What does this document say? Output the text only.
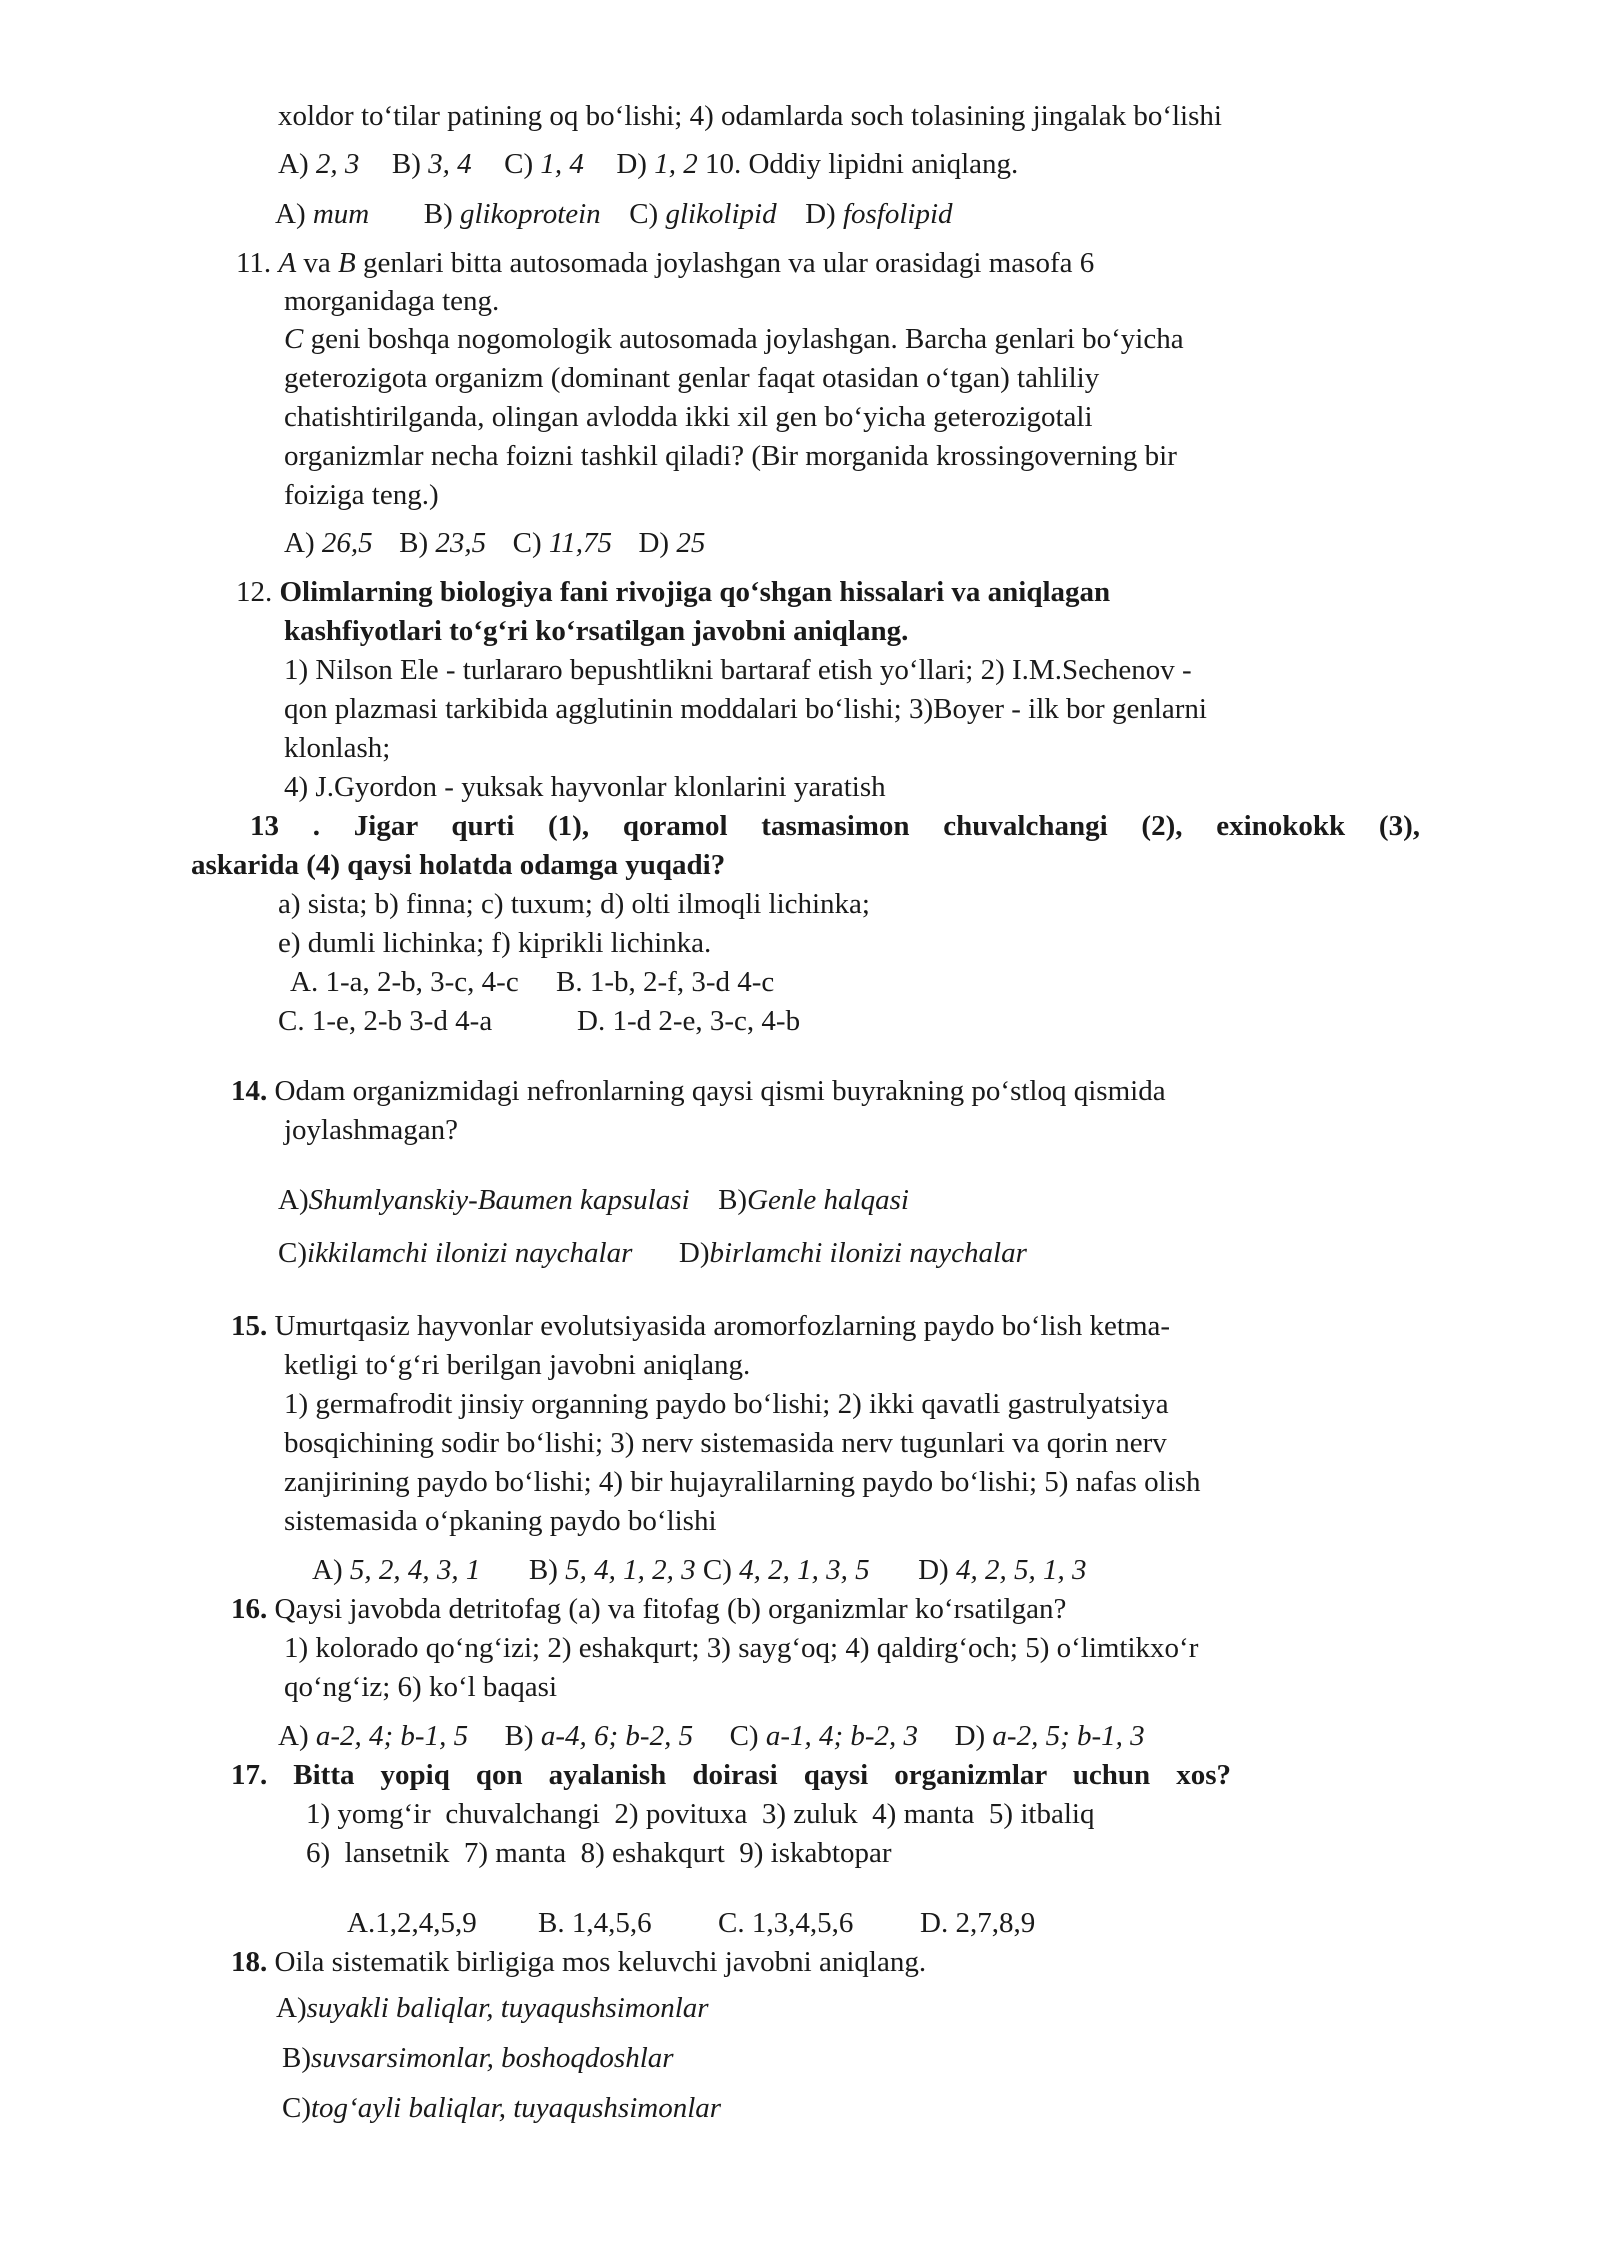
xoldor to‘tilar patining oq bo‘lishi; 4) odamlarda soch tolasining jingalak bo‘lishi
A) 2, 3 B) 3, 4 C) 1, 4 D) 1, 2 10. Oddiy lipidni aniqlang.
A) mum B) glikoprotein C) glikolipid D) fosfolipid
11. A va B genlari bitta autosomada joylashgan va ular orasidagi masofa 6
morganidaga teng.
C geni boshqa nogomologik autosomada joylashgan. Barcha genlari bo‘yicha
geterozigota organizm (dominant genlar faqat otasidan o‘tgan) tahliliy
chatishtirilganda, olingan avlodda ikki xil gen bo‘yicha geterozigotali
organizmlar necha foizni tashkil qiladi? (Bir morganida krossingoverning bir
foiziga teng.)
A) 26,5 B) 23,5 C) 11,75 D) 25
12. Olimlarning biologiya fani rivojiga qo‘shgan hissalari va aniqlagan
kashfiyotlari to‘g‘ri ko‘rsatilgan javobni aniqlang.
1) Nilson Ele - turlararo bepushtlikni bartaraf etish yo‘llari; 2) I.M.Sechenov -
qon plazmasi tarkibida agglutinin moddalari bo‘lishi; 3)Boyer - ilk bor genlarni
klonlash;
4) J.Gyordon - yuksak hayvonlar klonlarini yaratish
13 . Jigar qurti (1), qoramol tasmasimon chuvalchangi (2), exinokokk (3),
askarida (4) qaysi holatda odamga yuqadi?
a) sista; b) finna; c) tuxum; d) olti ilmoqli lichinka;
e) dumli lichinka; f) kiprikli lichinka.
A. 1-a, 2-b, 3-c, 4-c B. 1-b, 2-f, 3-d 4-c
C. 1-e, 2-b 3-d 4-a	D. 1-d 2-e, 3-c, 4-b
14. Odam organizmidagi nefronlarning qaysi qismi buyrakning po‘stloq qismida
joylashmagan?
A)Shumlyanskiy-Baumen kapsulasi B)Genle halqasi
C)ikkilamchi ilonizi naychalar D)birlamchi ilonizi naychalar
15. Umurtqasiz hayvonlar evolutsiyasida aromorfozlarning paydo bo‘lish ketma-
ketligi to‘g‘ri berilgan javobni aniqlang.
1) germafrodit jinsiy organning paydo bo‘lishi; 2) ikki qavatli gastrulyatsiya
bosqichining sodir bo‘lishi; 3) nerv sistemasida nerv tugunlari va qorin nerv
zanjirining paydo bo‘lishi; 4) bir hujayralilarning paydo bo‘lishi; 5) nafas olish
sistemasida o‘pkaning paydo bo‘lishi
A) 5, 2, 4, 3, 1 B) 5, 4, 1, 2, 3 C) 4, 2, 1, 3, 5 D) 4, 2, 5, 1, 3
16. Qaysi javobda detritofag (a) va fitofag (b) organizmlar ko‘rsatilgan?
1) kolorado qo‘ng‘izi; 2) eshakqurt; 3) sayg‘oq; 4) qaldirg‘och; 5) o‘limtikxo‘r
qo‘ng‘iz; 6) ko‘l baqasi
A) a-2, 4; b-1, 5 B) a-4, 6; b-2, 5 C) a-1, 4; b-2, 3 D) a-2, 5; b-1, 3
17. Bitta yopiq qon ayalanish doirasi qaysi organizmlar uchun xos?
1) yomg‘ir  chuvalchangi  2) povituxa  3) zuluk  4) manta  5) itbaliq
6)  lansetnik  7) manta  8) eshakqurt  9) iskabtopar
A.1,2,4,5,9 B. 1,4,5,6 C. 1,3,4,5,6 D. 2,7,8,9
18. Oila sistematik birligiga mos keluvchi javobni aniqlang.
A)suyakli baliqlar, tuyaqushsimonlar
B)suvsarsimonlar, boshoqdoshlar
C)tog‘ayli baliqlar, tuyaqushsimonlar
